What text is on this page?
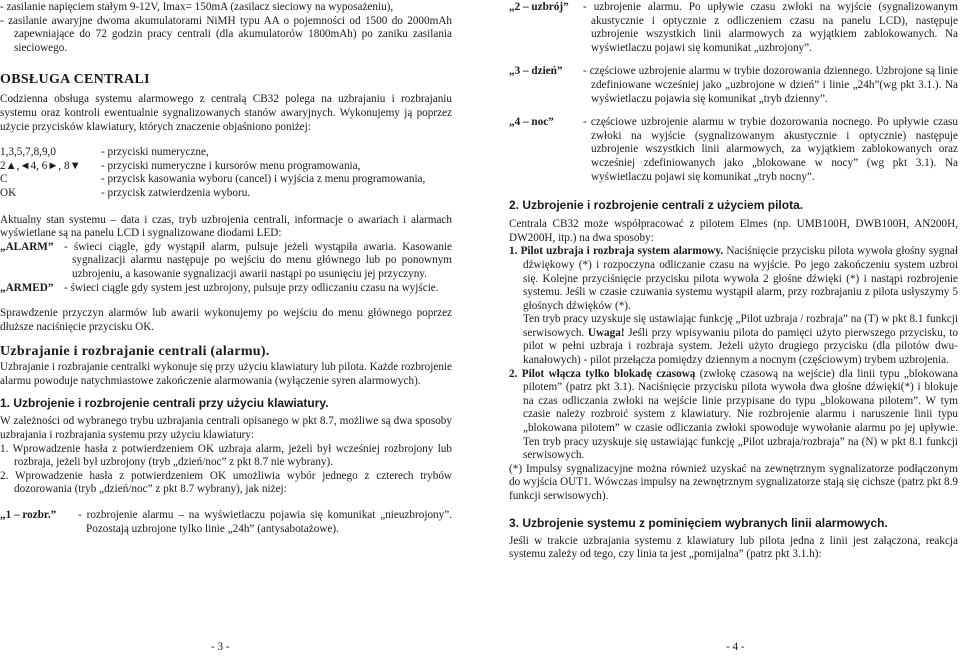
- zasilanie napięciem stałym 9-12V, Imax= 150mA (zasilacz sieciowy na wyposażeniu),

- zasilanie awaryjne dwoma akumulatorami NiMH typu AA o pojemności od 1500 do 2000mAh zapewniające do 72 godzin pracy centrali (dla akumulatorów 1800mAh) po zaniku zasilania sieciowego.

OBSŁUGA CENTRALI

Codzienna obsługa systemu alarmowego z centralą CB32 polega na uzbrajaniu i rozbrajaniu systemu oraz kontroli ewentualnie sygnalizowanych stanów awaryjnych. Wykonujemy ją poprzez użycie przycisków klawiatury, których znaczenie objaśniono poniżej:

1,3,5,7,8,9,0	- przyciski numeryczne,
2▲,◄4, 6►, 8▼	- przyciski numeryczne i kursorów menu programowania,
C	- przycisk kasowania wyboru (cancel) i wyjścia z menu programowania,
OK	- przycisk zatwierdzenia wyboru.

Aktualny stan systemu – data i czas, tryb uzbrojenia centrali, informacje o awariach i alarmach wyświetlane są na panelu LCD i sygnalizowane diodami LED:

„ALARM” - świeci ciągle, gdy wystąpił alarm, pulsuje jeżeli wystąpiła awaria. Kasowanie sygnalizacji alarmu następuje po wejściu do menu głównego lub po ponownym uzbrojeniu, a kasowanie sygnalizacji awarii nastąpi po usunięciu jej przyczyny.
„ARMED” - świeci ciągle gdy system jest uzbrojony, pulsuje przy odliczaniu czasu na wyjście.

Sprawdzenie przyczyn alarmów lub awarii wykonujemy po wejściu do menu głównego poprzez dłuższe naciśnięcie przycisku OK.

Uzbrajanie i rozbrajanie centrali (alarmu).

Uzbrajanie i rozbrajanie centralki wykonuje się przy użyciu klawiatury lub pilota. Każde rozbrojenie alarmu powoduje natychmiastowe zakończenie alarmowania (wyłączenie syren alarmowych).

1. Uzbrojenie i rozbrojenie centrali przy użyciu klawiatury.

W zależności od wybranego trybu uzbrajania centrali opisanego w pkt 8.7, możliwe są dwa sposoby uzbrajania i rozbrajania systemu przy użyciu klawiatury:

1. Wprowadzenie hasła z potwierdzeniem OK uzbraja alarm, jeżeli był wcześniej rozbrojony lub rozbraja, jeżeli był uzbrojony (tryb „dzień/noc” z pkt 8.7 nie wybrany).

2. Wprowadzenie hasła z potwierdzeniem OK umożliwia wybór jednego z czterech trybów dozorowania (tryb „dzień/noc” z pkt 8.7 wybrany), jak niżej:

„1 – rozbr.”	- rozbrojenie alarmu – na wyświetlaczu pojawia się komunikat „nieuzbrojony”. Pozostają uzbrojone tylko linie „24h” (antysabotażowe).
- 3 -
„2 – uzbrój”	- uzbrojenie alarmu. Po upływie czasu zwłoki na wyjście (sygnalizowanym akustycznie i optycznie z odliczeniem czasu na panelu LCD), następuje uzbrojenie wszystkich linii alarmowych za wyjątkiem zablokowanych. Na wyświetlaczu pojawi się komunikat „uzbrojony”.
„3 – dzień”	- częściowe uzbrojenie alarmu w trybie dozorowania dziennego. Uzbrojone są linie zdefiniowane wcześniej jako „uzbrojone w dzień” i linie „24h”(wg pkt 3.1.). Na wyświetlaczu pojawia się komunikat „tryb dzienny”.
„4 – noc”	- częściowe uzbrojenie alarmu w trybie dozorowania nocnego. Po upływie czasu zwłoki na wyjście (sygnalizowanym akustycznie i optycznie) następuje uzbrojenie wszystkich linii alarmowych, za wyjątkiem zablokowanych oraz wcześniej zdefiniowanych jako „blokowane w nocy” (wg pkt 3.1). Na wyświetlaczu pojawi się komunikat „tryb nocny”.
2. Uzbrojenie i rozbrojenie centrali z użyciem pilota.

Centrala CB32 może współpracować z pilotem Elmes (np. UMB100H, DWB100H, AN200H, DW200H, itp.) na dwa sposoby:

1. Pilot uzbraja i rozbraja system alarmowy. Naciśnięcie przycisku pilota wywoła głośny sygnał dźwiękowy (*) i rozpoczyna odliczanie czasu na wyjście. Po jego zakończeniu system uzbroi się. Kolejne przyciśnięcie przycisku pilota wywoła 2 głośne dźwięki (*) i nastąpi rozbrojenie systemu. Jeśli w czasie czuwania systemu wystąpił alarm, przy rozbrajaniu z pilota usłyszymy 5 głośnych dźwięków (*).

Ten tryb pracy uzyskuje się ustawiając funkcję „Pilot uzbraja / rozbraja” na (T) w pkt 8.1 funkcji serwisowych. Uwaga! Jeśli przy wpisywaniu pilota do pamięci użyto pierwszego przycisku, to pilot w pełni uzbraja i rozbraja system. Jeżeli użyto drugiego przycisku (dla pilotów dwu-kanałowych) - pilot przełącza pomiędzy dziennym a nocnym (częściowym) trybem uzbrojenia.

2. Pilot włącza tylko blokadę czasową (zwłokę czasową na wejście) dla linii typu „blokowana pilotem” (patrz pkt 3.1). Naciśnięcie przycisku pilota wywoła dwa głośne dźwięki(*) i blokuje na czas odliczania zwłoki na wejście linie przypisane do typu „blokowana pilotem”. W tym czasie należy rozbroić system z klawiatury. Nie rozbrojenie alarmu i naruszenie linii typu „blokowana pilotem” w czasie odliczania zwłoki spowoduje wywołanie alarmu po jej upływie. Ten tryb pracy uzyskuje się ustawiając funkcję „Pilot uzbraja/rozbraja” na (N) w pkt 8.1 funkcji serwisowych.

(*) Impulsy sygnalizacyjne można również uzyskać na zewnętrznym sygnalizatorze podłączonym do wyjścia OUT1. Wówczas impulsy na zewnętrznym sygnalizatorze stają się cichsze (patrz pkt 8.9 funkcji serwisowych).

3. Uzbrojenie systemu z pominięciem wybranych linii alarmowych.

Jeśli w trakcie uzbrajania systemu z klawiatury lub pilota jedna z linii jest załączona, reakcja systemu zależy od tego, czy linia ta jest „pomijalna” (patrz pkt 3.1.h):

- 4 -
